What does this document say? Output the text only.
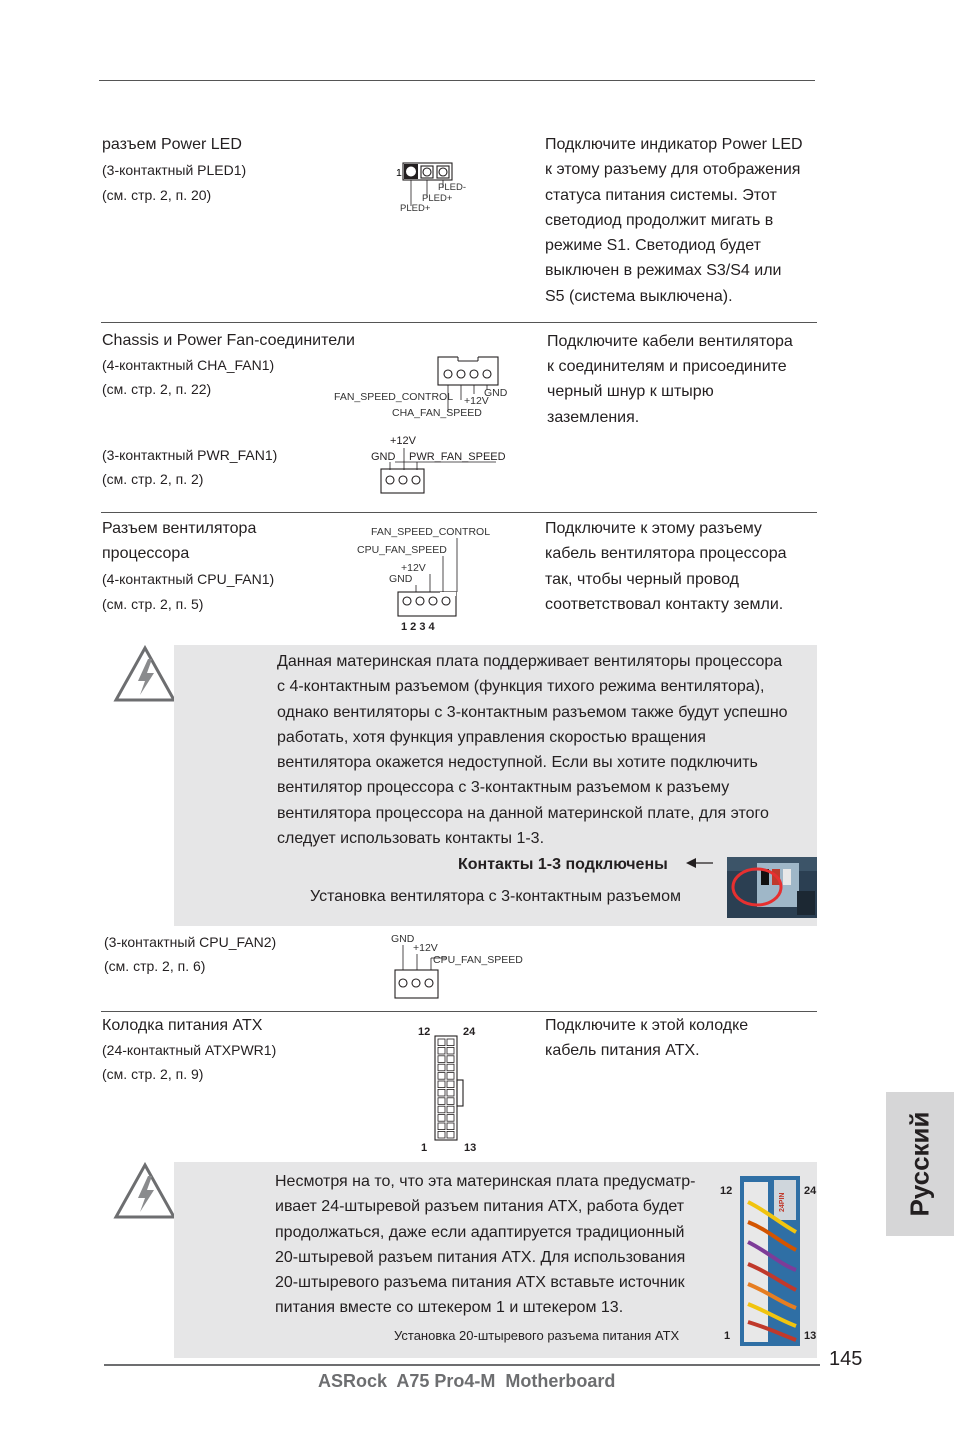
разъем Power LED
(3-контактный PLED1)
(см. стр. 2, п. 20)
1
PLED-
PLED+
PLED+
Подключите индикатор Power LED
к этому разъему для отображения
статуса питания системы. Этот
светодиод продолжит мигать в
режиме S1. Светодиод будет
выключен в режимах S3/S4 или
S5 (система выключена).
Chassis и Power Fan-соединители
(4-контактный CHA_FAN1)
(см. стр. 2, п. 22)
(3-контактный PWR_FAN1)
(см. стр. 2, п. 2)
FAN_SPEED_CONTROL +12V
GND
CHA_FAN_SPEED
+12V
GND PWR_FAN_SPEED
Подключите кабели вентилятора
к соединителям и присоедините
черный шнур к штырю
заземления.
Разъем вентилятора
процессора
(4-контактный CPU_FAN1)
(см. стр. 2, п. 5)
FAN_SPEED_CONTROL
CPU_FAN_SPEED
+12V
GND
1 2 3 4
Подключите к этому разъему
кабель вентилятора процессора
так, чтобы черный провод
соответствовал контакту земли.
Данная материнская плата поддерживает вентиляторы процессора
с 4-контактным разъемом (функция тихого режима вентилятора),
однако вентиляторы с 3-контактным разъемом также будут успешно
работать, хотя функция управления скоростью вращения
вентилятора окажется недоступной. Если вы хотите подключить
вентилятор процессора с 3-контактным разъемом к разъему
вентилятора процессора на данной материнской плате, для этого
следует использовать контакты 1-3.
Контакты 1-3 подключены
Установка вентилятора с 3-контактным разъемом
(3-контактный CPU_FAN2)
(см. стр. 2, п. 6)
GND
+12V
CPU_FAN_SPEED
Колодка питания ATX
(24-контактный ATXPWR1)
(см. стр. 2, п. 9)
12	24
1	13
Подключите к этой колодке
кабель питания ATX.
Несмотря на то, что эта материнская плата предусматр-
ивает 24-штыревой разъем питания ATX, работа будет
продолжаться, даже если адаптируется традиционный
20-штыревой разъем питания ATX. Для использования
20-штыревого разъема питания ATX вставьте источник
питания вместе со штекером 1 и штекером 13.
Установка 20-штыревого разъема питания ATX
12	24
1	13
24PIN	Русский
145
ASRock  A75 Pro4-M  Motherboard
